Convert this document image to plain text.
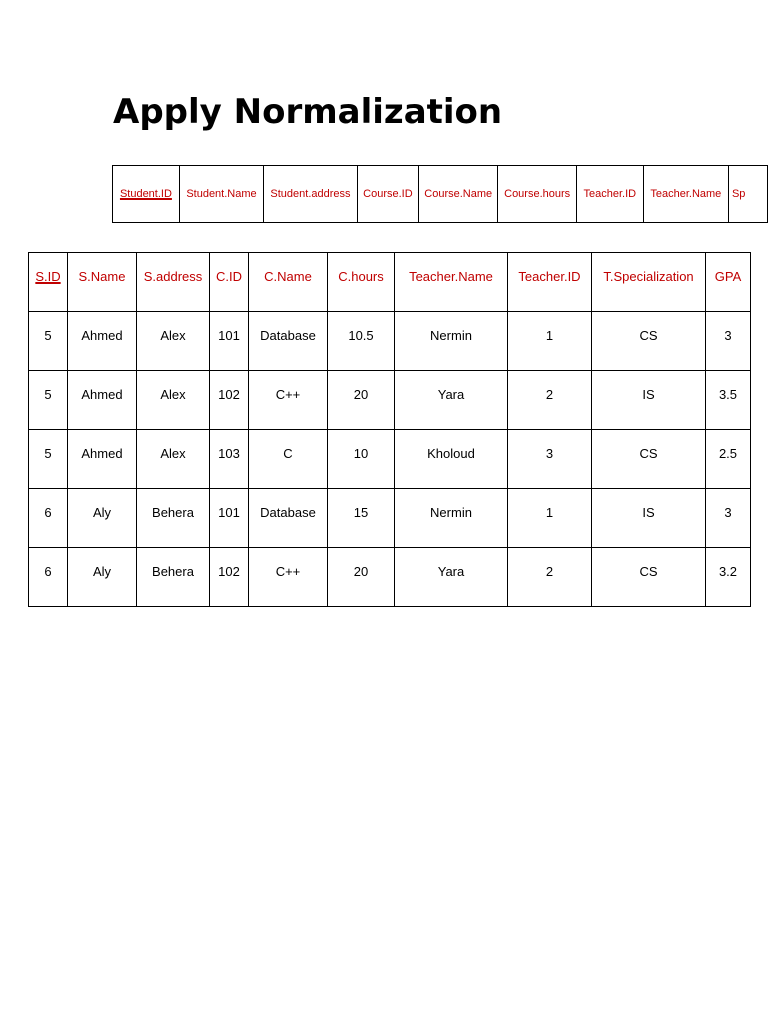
Apply Normalization
Student.ID	Student.Name	Student.address	Course.ID	Course.Name	Course.hours	Teacher.ID	Teacher.Name	Sp
S.ID	S.Name	S.address	C.ID	C.Name	C.hours	Teacher.Name	Teacher.ID	T.Specialization	GPA
5	Ahmed	Alex	101	Database	10.5	Nermin	1	CS	3
5	Ahmed	Alex	102	C++	20	Yara	2	IS	3.5
5	Ahmed	Alex	103	C	10	Kholoud	3	CS	2.5
6	Aly	Behera	101	Database	15	Nermin	1	IS	3
6	Aly	Behera	102	C++	20	Yara	2	CS	3.2
